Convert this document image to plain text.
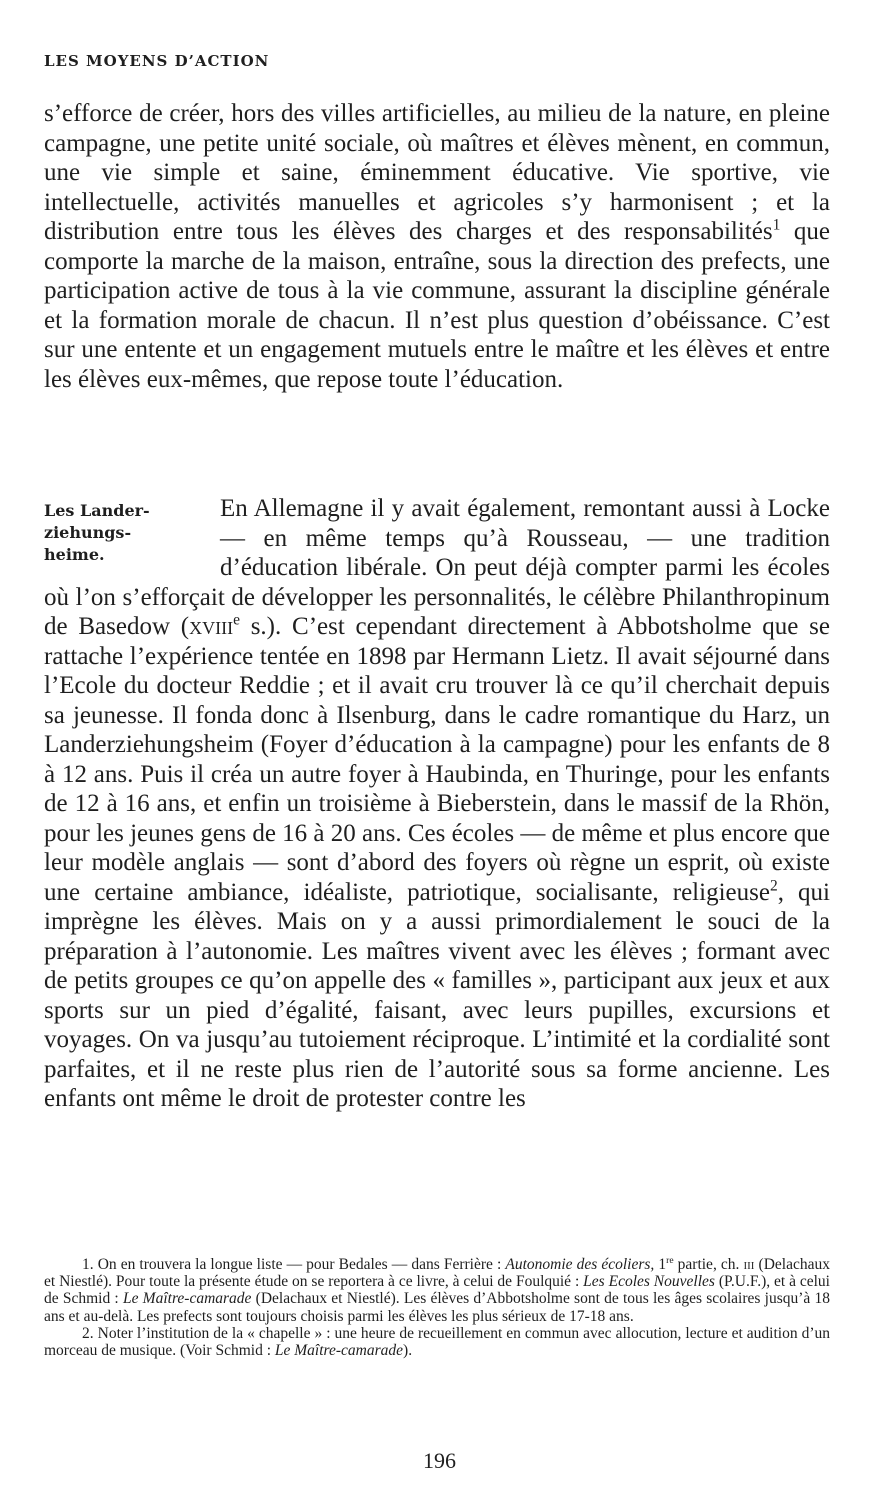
LES MOYENS D’ACTION

s’efforce de créer, hors des villes artificielles, au milieu de la nature, en pleine campagne, une petite unité sociale, où maîtres et élèves mènent, en commun, une vie simple et saine, éminemment éducative. Vie sportive, vie intellectuelle, activités manuelles et agricoles s’y harmonisent ; et la distribution entre tous les élèves des charges et des responsabilités$^1$ que comporte la marche de la maison, entraîne, sous la direction des prefects, une participation active de tous à la vie commune, assurant la discipline générale et la formation morale de chacun. Il n’est plus question d’obéissance. C’est sur une entente et un engagement mutuels entre le maître et les élèves et entre les élèves eux-mêmes, que repose toute l’éducation.

Les Lander-
ziehungs-
heime.

En Allemagne il y avait également, remontant aussi à Locke — en même temps qu’à Rousseau, — une tradition d’éducation libérale. On peut déjà compter parmi les écoles où l’on s’efforçait de développer les personnalités, le célèbre Philanthropinum de Basedow (xviii$^e$ s.). C’est cependant directement à Abbotsholme que se rattache l’expérience tentée en 1898 par Hermann Lietz. Il avait séjourné dans l’Ecole du docteur Reddie ; et il avait cru trouver là ce qu’il cherchait depuis sa jeunesse. Il fonda donc à Ilsenburg, dans le cadre romantique du Harz, un Landerziehungsheim (Foyer d’éducation à la campagne) pour les enfants de 8 à 12 ans. Puis il créa un autre foyer à Haubinda, en Thuringe, pour les enfants de 12 à 16 ans, et enfin un troisième à Bieberstein, dans le massif de la Rhön, pour les jeunes gens de 16 à 20 ans. Ces écoles — de même et plus encore que leur modèle anglais — sont d’abord des foyers où règne un esprit, où existe une certaine ambiance, idéaliste, patriotique, socialisante, religieuse$^2$, qui imprègne les élèves. Mais on y a aussi primordialement le souci de la préparation à l’autonomie. Les maîtres vivent avec les élèves ; formant avec de petits groupes ce qu’on appelle des « familles », participant aux jeux et aux sports sur un pied d’égalité, faisant, avec leurs pupilles, excursions et voyages. On va jusqu’au tutoiement réciproque. L’intimité et la cordialité sont parfaites, et il ne reste plus rien de l’autorité sous sa forme ancienne. Les enfants ont même le droit de protester contre les

1. On en trouvera la longue liste — pour Bedales — dans Ferrière : Autonomie des écoliers, 1re partie, ch. iii (Delachaux et Niestlé). Pour toute la présente étude on se reportera à ce livre, à celui de Foulquié : Les Ecoles Nouvelles (P.U.F.), et à celui de Schmid : Le Maître-camarade (Delachaux et Niestlé). Les élèves d’Abbotsholme sont de tous les âges scolaires jusqu’à 18 ans et au-delà. Les prefects sont toujours choisis parmi les élèves les plus sérieux de 17-18 ans.

2. Noter l’institution de la « chapelle » : une heure de recueillement en commun avec allocution, lecture et audition d’un morceau de musique. (Voir Schmid : Le Maître-camarade).

196
